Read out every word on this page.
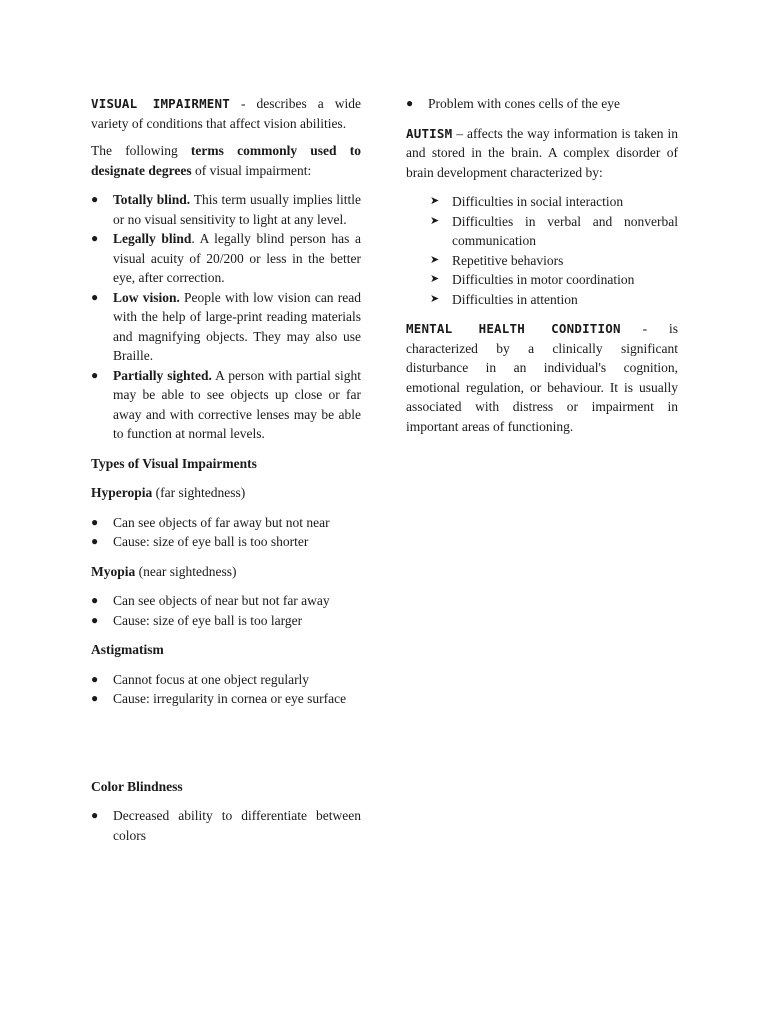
VISUAL IMPAIRMENT - describes a wide variety of conditions that affect vision abilities.

The following terms commonly used to designate degrees of visual impairment:

● Totally blind. This term usually implies little or no visual sensitivity to light at any level.
● Legally blind. A legally blind person has a visual acuity of 20/200 or less in the better eye, after correction.
● Low vision. People with low vision can read with the help of large-print reading materials and magnifying objects. They may also use Braille.
● Partially sighted. A person with partial sight may be able to see objects up close or far away and with corrective lenses may be able to function at normal levels.

Types of Visual Impairments

Hyperopia (far sightedness)

● Can see objects of far away but not near
● Cause: size of eye ball is too shorter

Myopia (near sightedness)

● Can see objects of near but not far away
● Cause: size of eye ball is too larger

Astigmatism

● Cannot focus at one object regularly
● Cause: irregularity in cornea or eye surface

Color Blindness

● Decreased ability to differentiate between colors
● Problem with cones cells of the eye

AUTISM – affects the way information is taken in and stored in the brain. A complex disorder of brain development characterized by:

➤ Difficulties in social interaction
➤ Difficulties in verbal and nonverbal communication
➤ Repetitive behaviors
➤ Difficulties in motor coordination
➤ Difficulties in attention

MENTAL HEALTH CONDITION - is characterized by a clinically significant disturbance in an individual's cognition, emotional regulation, or behaviour. It is usually associated with distress or impairment in important areas of functioning.
